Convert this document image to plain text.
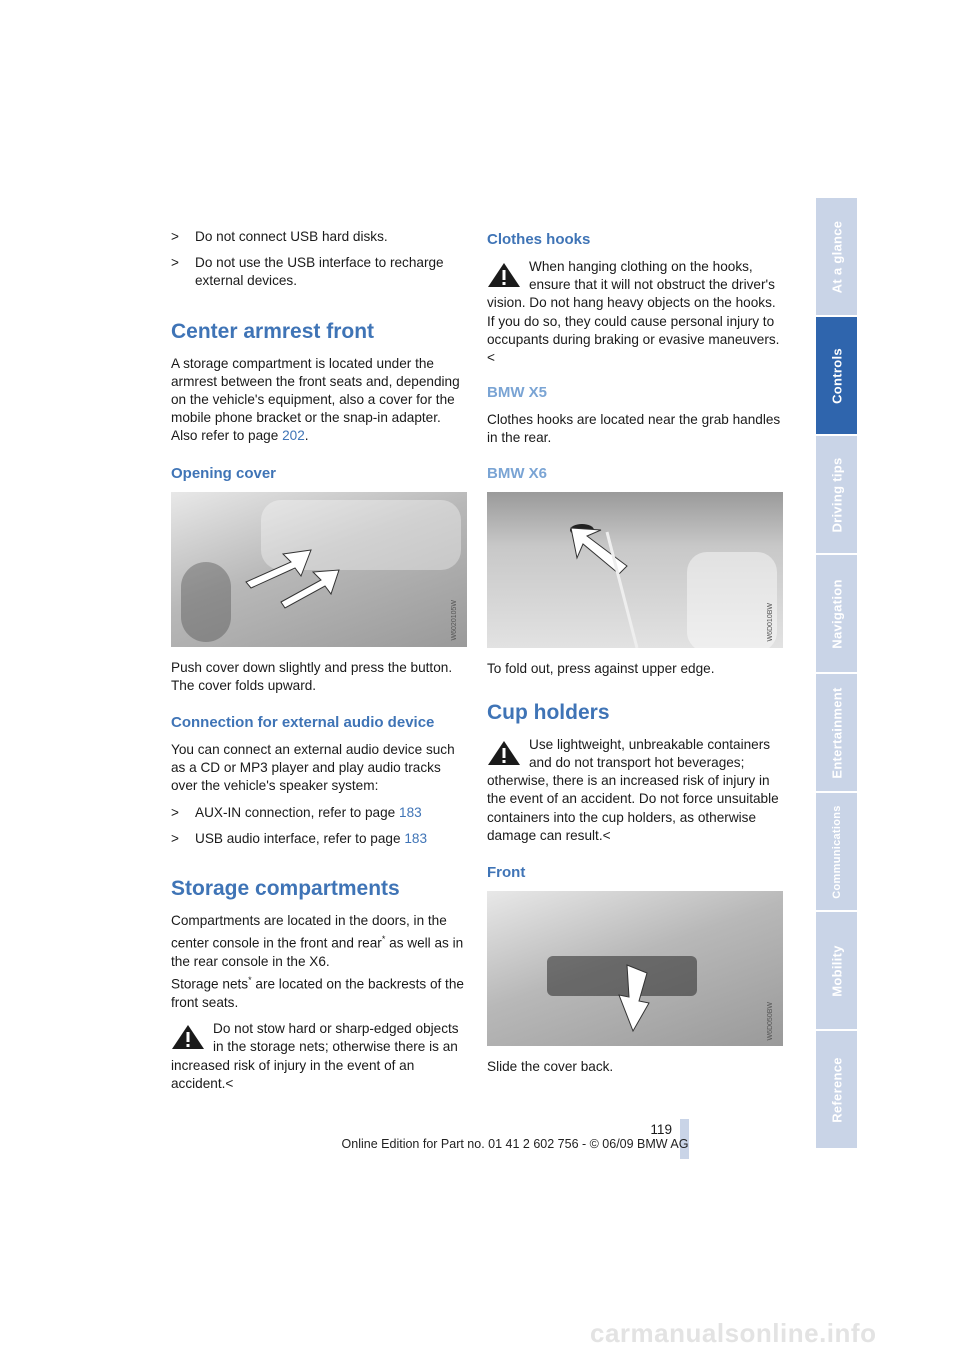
> Do not connect USB hard disks.
> Do not use the USB interface to recharge external devices.
Center armrest front

A storage compartment is located under the armrest between the front seats and, depending on the vehicle's equipment, also a cover for the mobile phone bracket or the snap-in adapter. Also refer to page 202.

Opening cover
W6020105W

Push cover down slightly and press the button. The cover folds upward.

Connection for external audio device

You can connect an external audio device such as a CD or MP3 player and play audio tracks over the vehicle's speaker system:

> AUX-IN connection, refer to page 183
> USB audio interface, refer to page 183
Storage compartments

Compartments are located in the doors, in the center console in the front and rear* as well as in the rear console in the X6.
Storage nets* are located on the backrests of the front seats.

Do not stow hard or sharp-edged objects in the storage nets; otherwise there is an increased risk of injury in the event of an accident.<
Clothes hooks
When hanging clothing on the hooks, ensure that it will not obstruct the driver's vision. Do not hang heavy objects on the hooks. If you do so, they could cause personal injury to occupants during braking or evasive maneuvers.<
BMW X5

Clothes hooks are located near the grab handles in the rear.

BMW X6
W6D010BW

To fold out, press against upper edge.

Cup holders
Use lightweight, unbreakable containers and do not transport hot beverages; otherwise, there is an increased risk of injury in the event of an accident. Do not force unsuitable containers into the cup holders, as otherwise damage can result.<
Front
W6D050BW

Slide the cover back.

At a glance
Controls
Driving tips
Navigation
Entertainment
Communications
Mobility
Reference
119
Online Edition for Part no. 01 41 2 602 756 - © 06/09 BMW AG
carmanualsonline.info
